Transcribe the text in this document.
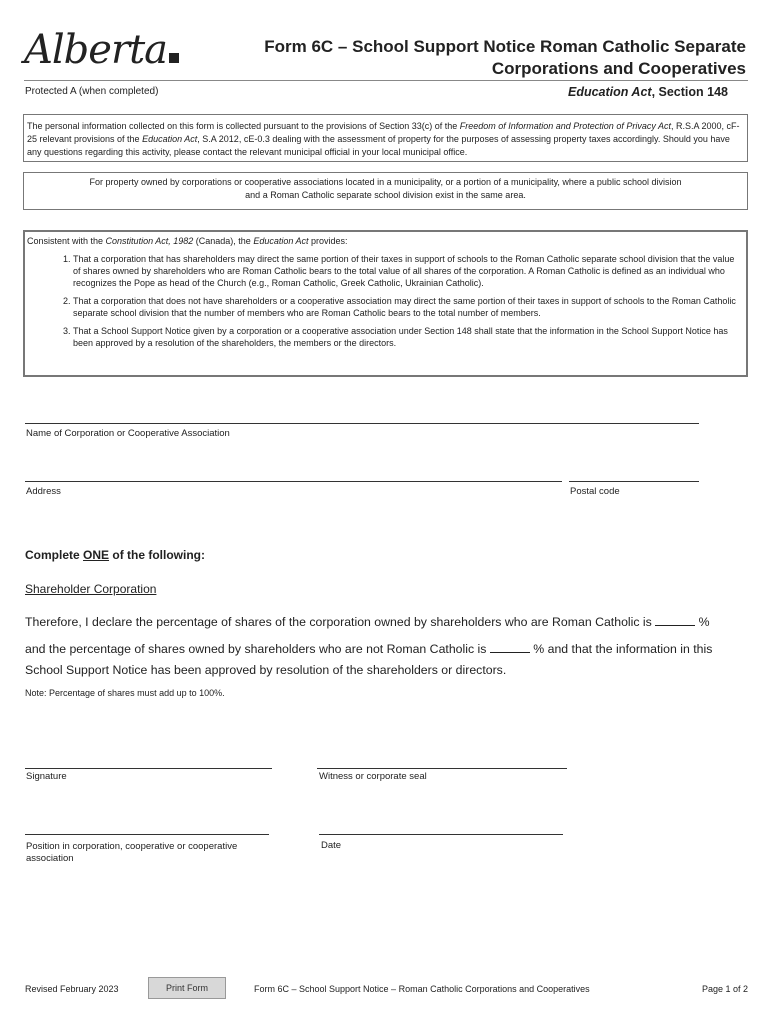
Alberta	Form 6C – School Support Notice Roman Catholic Separate
Corporations and Cooperatives
Protected A (when completed)	Education Act, Section 148
The personal information collected on this form is collected pursuant to the provisions of Section 33(c) of the Freedom of Information and Protection of Privacy Act, R.S.A 2000, cF-25 relevant provisions of the Education Act, S.A 2012, cE-0.3 dealing with the assessment of property for the purposes of assessing property taxes accordingly. Should you have any questions regarding this activity, please contact the relevant municipal official in your local municipal office.
For property owned by corporations or cooperative associations located in a municipality, or a portion of a municipality, where a public school division and a Roman Catholic separate school division exist in the same area.
Consistent with the Constitution Act, 1982 (Canada), the Education Act provides:
1. That a corporation that has shareholders may direct the same portion of their taxes in support of schools to the Roman Catholic separate school division that the value of shares owned by shareholders who are Roman Catholic bears to the total value of all shares of the corporation. A Roman Catholic is defined as an individual who recognizes the Pope as head of the Church (e.g., Roman Catholic, Greek Catholic, Ukrainian Catholic).
2. That a corporation that does not have shareholders or a cooperative association may direct the same portion of their taxes in support of schools to the Roman Catholic separate school division that the number of members who are Roman Catholic bears to the total number of members.
3. That a School Support Notice given by a corporation or a cooperative association under Section 148 shall state that the information in the School Support Notice has been approved by a resolution of the shareholders, the members or the directors.
Name of Corporation or Cooperative Association
Address	Postal code
Complete ONE of the following:
Shareholder Corporation
Therefore, I declare the percentage of shares of the corporation owned by shareholders who are Roman Catholic is	%
and the percentage of shares owned by shareholders who are not Roman Catholic is	% and that the information in this
School Support Notice has been approved by resolution of the shareholders or directors.
Note: Percentage of shares must add up to 100%.
Signature	Witness or corporate seal
Position in corporation, cooperative or cooperative association
Date
Revised February 2023	Print Form	Form 6C – School Support Notice – Roman Catholic Corporations and Cooperatives	Page 1 of 2
